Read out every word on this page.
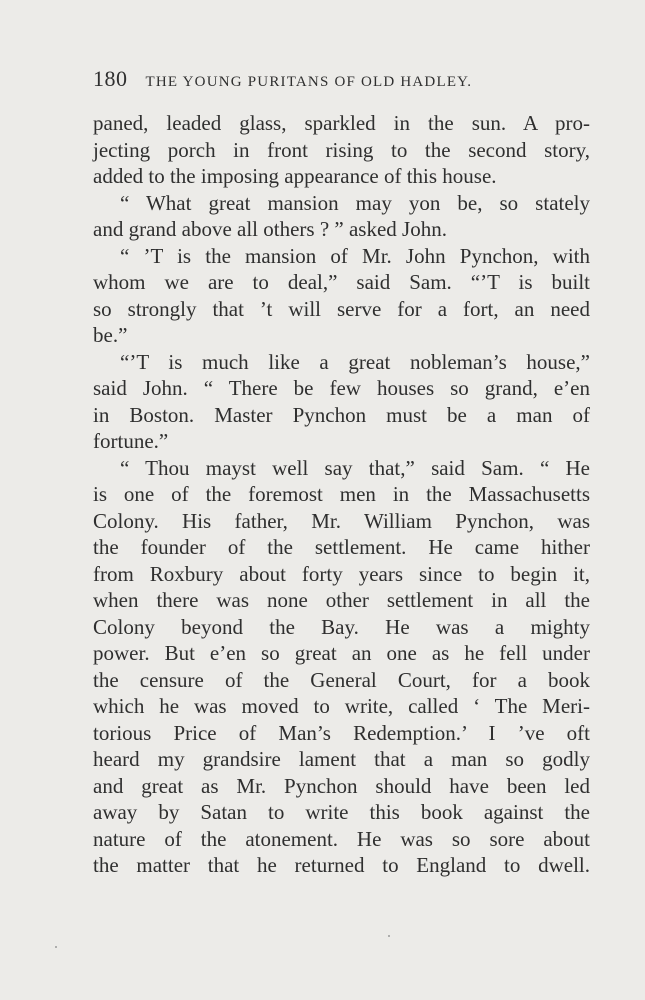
180 THE YOUNG PURITANS OF OLD HADLEY.
paned, leaded glass, sparkled in the sun. A pro-
jecting porch in front rising to the second story,
added to the imposing appearance of this house.
“ What great mansion may yon be, so stately
and grand above all others ? ” asked John.
“ ’T is the mansion of Mr. John Pynchon, with
whom we are to deal,” said Sam. “’T is built
so strongly that ’t will serve for a fort, an need
be.”
“’T is much like a great nobleman’s house,”
said John. “ There be few houses so grand, e’en
in Boston. Master Pynchon must be a man of
fortune.”
“ Thou mayst well say that,” said Sam. “ He
is one of the foremost men in the Massachusetts
Colony. His father, Mr. William Pynchon, was
the founder of the settlement. He came hither
from Roxbury about forty years since to begin it,
when there was none other settlement in all the
Colony beyond the Bay. He was a mighty
power. But e’en so great an one as he fell under
the censure of the General Court, for a book
which he was moved to write, called ‘ The Meri-
torious Price of Man’s Redemption.’ I ’ve oft
heard my grandsire lament that a man so godly
and great as Mr. Pynchon should have been led
away by Satan to write this book against the
nature of the atonement. He was so sore about
the matter that he returned to England to dwell.
